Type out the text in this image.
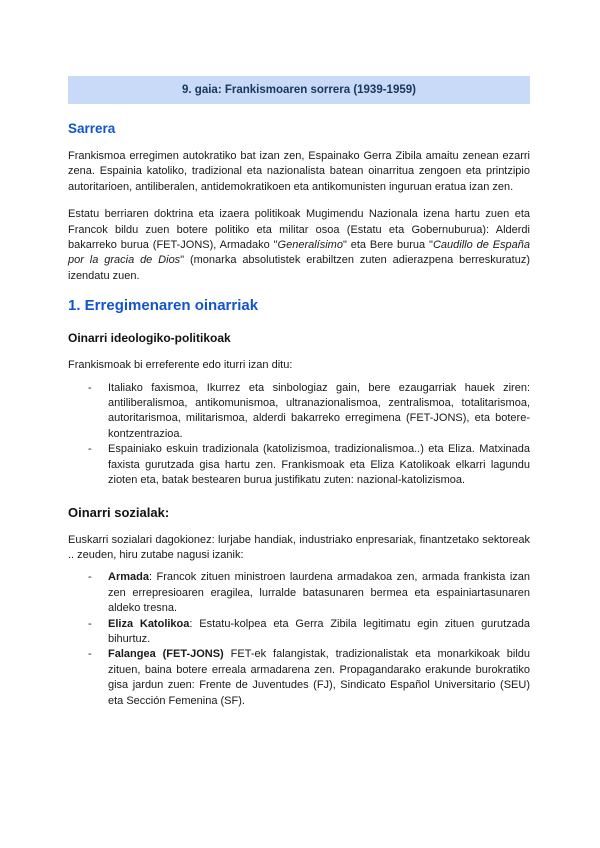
9. gaia: Frankismoaren sorrera (1939-1959)
Sarrera

Frankismoa erregimen autokratiko bat izan zen, Espainako Gerra Zibila amaitu zenean ezarri zena. Espainia katoliko, tradizional eta nazionalista batean oinarritua zengoen eta printzipio autoritarioen, antiliberalen, antidemokratikoen eta antikomunisten inguruan eratua izan zen.

Estatu berriaren doktrina eta izaera politikoak Mugimendu Nazionala izena hartu zuen eta Francok bildu zuen botere politiko eta militar osoa (Estatu eta Gobernuburua): Alderdi bakarreko burua (FET-JONS), Armadako "Generalísimo" eta Bere burua "Caudillo de España por la gracia de Dios" (monarka absolutistek erabiltzen zuten adierazpena berreskuratuz) izendatu zuen.

1. Erregimenaren oinarriak
Oinarri ideologiko-politikoak

Frankismoak bi erreferente edo iturri izan ditu:

-	Italiako faxismoa, Ikurrez eta sinbologiaz gain, bere ezaugarriak hauek ziren: antiliberalismoa, antikomunismoa, ultranazionalismoa, zentralismoa, totalitarismoa, autoritarismoa, militarismoa, alderdi bakarreko erregimena (FET-JONS), eta botere-kontzentrazioa.
-	Espainiako eskuin tradizionala (katolizismoa, tradizionalismoa..) eta Eliza. Matxinada faxista gurutzada gisa hartu zen. Frankismoak eta Eliza Katolikoak elkarri lagundu zioten eta, batak bestearen burua justifikatu zuten: nazional-katolizismoa.
Oinarri sozialak:

Euskarri sozialari dagokionez: lurjabe handiak, industriako enpresariak, finantzetako sektoreak .. zeuden, hiru zutabe nagusi izanik:

-	Armada: Francok zituen ministroen laurdena armadakoa zen, armada frankista izan zen errepresioaren eragilea, lurralde batasunaren bermea eta espainiartasunaren aldeko tresna.
-	Eliza Katolikoa: Estatu-kolpea eta Gerra Zibila legitimatu egin zituen gurutzada bihurtuz.
-	Falangea (FET-JONS) FET-ek falangistak, tradizionalistak eta monarkikoak bildu zituen, baina botere erreala armadarena zen. Propagandarako erakunde burokratiko gisa jardun zuen: Frente de Juventudes (FJ), Sindicato Español Universitario (SEU) eta Sección Femenina (SF).
